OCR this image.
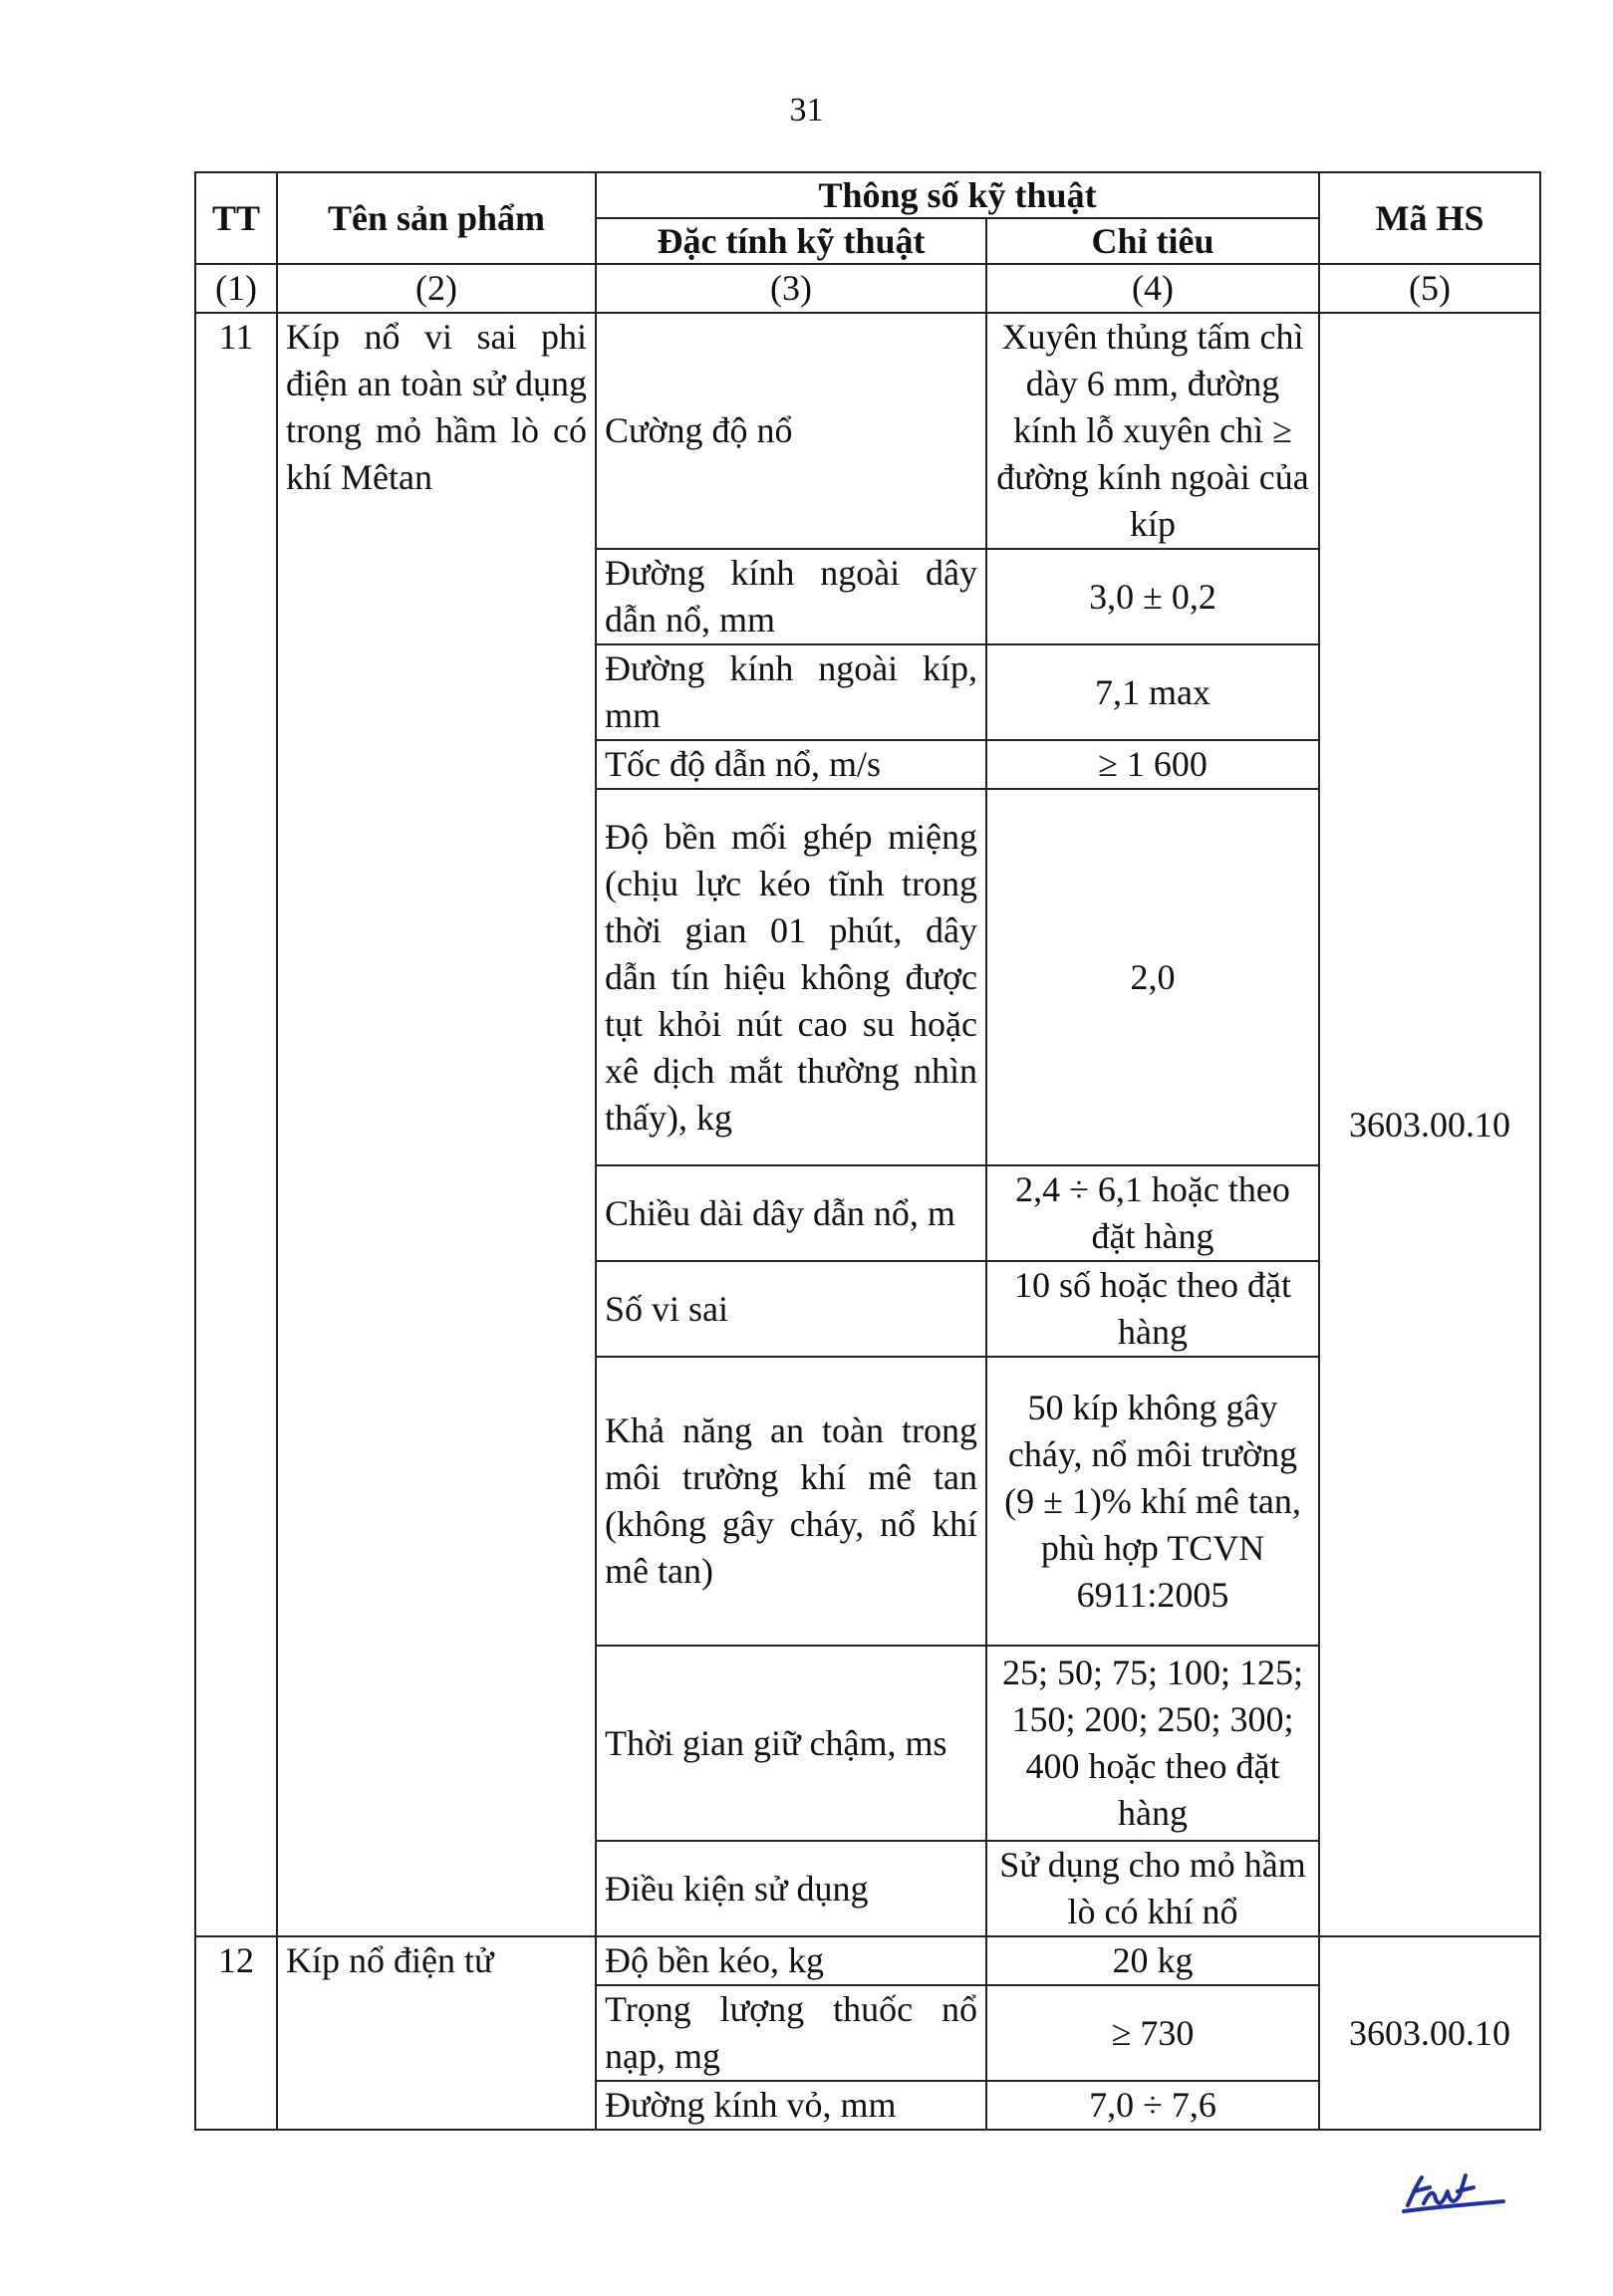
31
TT	Tên sản phẩm	Thông số kỹ thuật		Mã HS
		Đặc tính kỹ thuật	Chỉ tiêu	
(1)	(2)	(3)	(4)	(5)
11	Kíp nổ vi sai phi điện an toàn sử dụng trong mỏ hầm lò có khí Mêtan	Cường độ nổ	Xuyên thủng tấm chì dày 6 mm, đường kính lỗ xuyên chì ≥ đường kính ngoài của kíp	3603.00.10
		Đường kính ngoài dây dẫn nổ, mm	3,0 ± 0,2	
		Đường kính ngoài kíp, mm	7,1 max	
		Tốc độ dẫn nổ, m/s	≥ 1 600	
		Độ bền mối ghép miệng (chịu lực kéo tĩnh trong thời gian 01 phút, dây dẫn tín hiệu không được tụt khỏi nút cao su hoặc xê dịch mắt thường nhìn thấy), kg	2,0	
		Chiều dài dây dẫn nổ, m	2,4 ÷ 6,1 hoặc theo đặt hàng	
		Số vi sai	10 số hoặc theo đặt hàng	
		Khả năng an toàn trong môi trường khí mê tan (không gây cháy, nổ khí mê tan)	50 kíp không gây cháy, nổ môi trường (9 ± 1)% khí mê tan, phù hợp TCVN 6911:2005	
		Thời gian giữ chậm, ms	25; 50; 75; 100; 125; 150; 200; 250; 300; 400 hoặc theo đặt hàng	
		Điều kiện sử dụng	Sử dụng cho mỏ hầm lò có khí nổ	
12	Kíp nổ điện tử	Độ bền kéo, kg	20 kg	3603.00.10
		Trọng lượng thuốc nổ nạp, mg	≥ 730	
		Đường kính vỏ, mm	7,0 ÷ 7,6	
